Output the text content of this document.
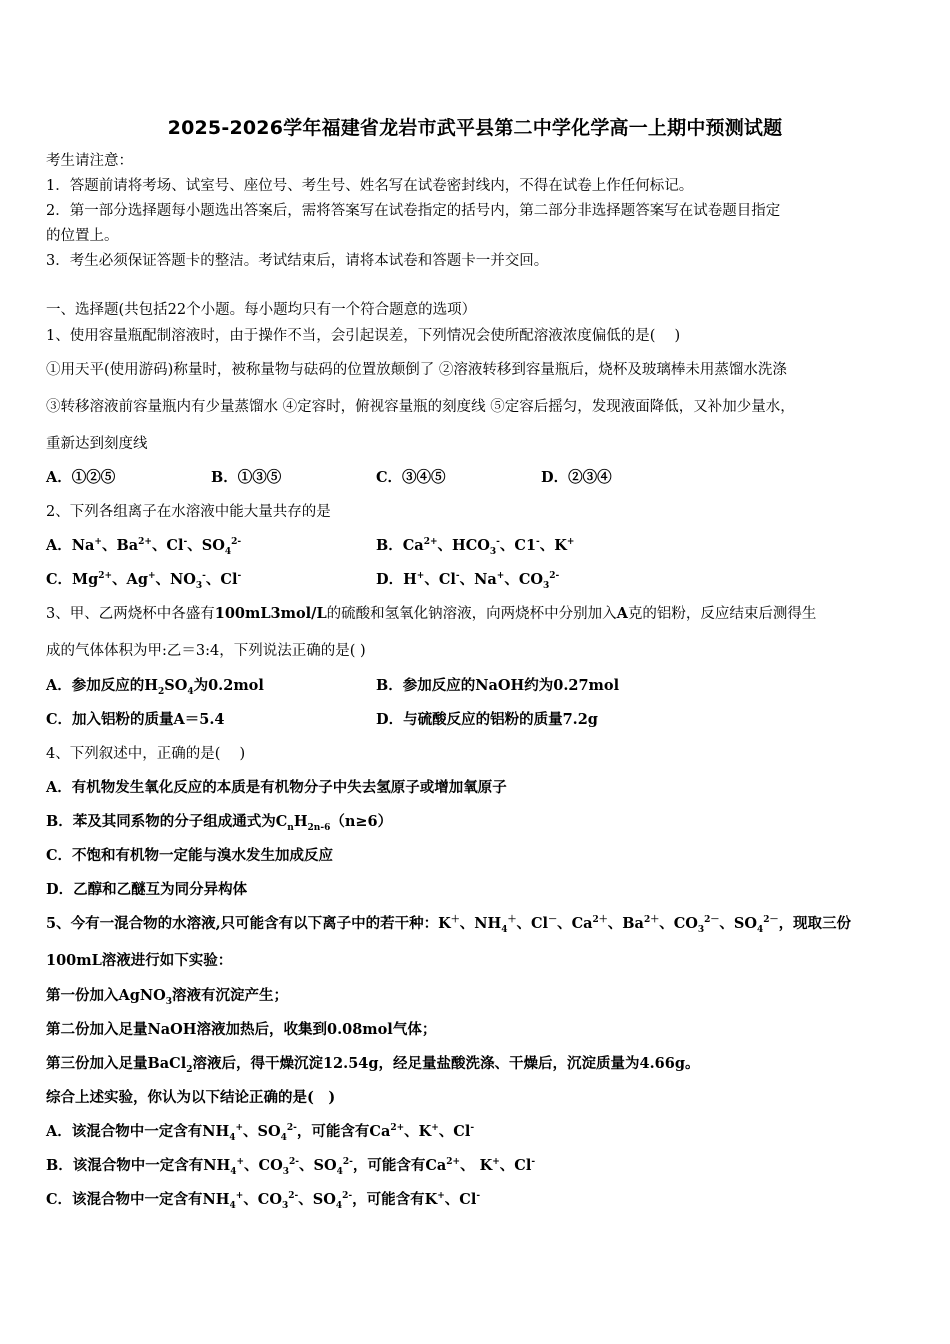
2025-2026学年福建省龙岩市武平县第二中学化学高一上期中预测试题
考生请注意：
1．答题前请将考场、试室号、座位号、考生号、姓名写在试卷密封线内，不得在试卷上作任何标记。
2．第一部分选择题每小题选出答案后，需将答案写在试卷指定的括号内，第二部分非选择题答案写在试卷题目指定
的位置上。
3．考生必须保证答题卡的整洁。考试结束后，请将本试卷和答题卡一并交回。
一、选择题(共包括22个小题。每小题均只有一个符合题意的选项）
1、使用容量瓶配制溶液时，由于操作不当，会引起误差，下列情况会使所配溶液浓度偏低的是(　 )
①用天平(使用游码)称量时，被称量物与砝码的位置放颠倒了 ②溶液转移到容量瓶后，烧杯及玻璃棒未用蒸馏水洗涤
③转移溶液前容量瓶内有少量蒸馏水 ④定容时，俯视容量瓶的刻度线 ⑤定容后摇匀，发现液面降低，又补加少量水，
重新达到刻度线
A．①②⑤	B．①③⑤	C．③④⑤	D．②③④
2、下列各组离子在水溶液中能大量共存的是
A．Na+、$Ba^{2+}$、Cl-、$SO_4^{2-}$	B．$Ca^{2+}$、$HCO_3^-$、C1-、K+
C．$Mg^{2+}$、Ag+、$NO_3^-$、Cl-	D．H+、Cl-、Na+、$CO_3^{2-}$
3、甲、乙两烧杯中各盛有100mL3mol/L的硫酸和氢氧化钠溶液，向两烧杯中分别加入A克的铝粉，反应结束后测得生
成的气体体积为甲:乙＝3:4，下列说法正确的是( )
A．参加反应的$H_2SO_4$为0.2mol	B．参加反应的NaOH约为0.27mol
C．加入铝粉的质量A＝5.4	D．与硫酸反应的铝粉的质量7.2g
4、下列叙述中，正确的是(　 )
A．有机物发生氧化反应的本质是有机物分子中失去氢原子或增加氧原子
B．苯及其同系物的分子组成通式为$C_nH_{2n-6}(n\ge 6)$
C．不饱和有机物一定能与溴水发生加成反应
D．乙醇和乙醚互为同分异构体
5、今有一混合物的水溶液,只可能含有以下离子中的若干种：K＋、$NH_4^+$、Cl－、$Ca^{2+}$、$Ba^{2+}$、$CO_3^{2-}$、$SO_4^{2-}$，现取三份
100mL溶液进行如下实验：
第一份加入AgNO$_3$溶液有沉淀产生；
第二份加入足量NaOH溶液加热后，收集到0.08mol气体；
第三份加入足量BaCl$_2$溶液后，得干燥沉淀12.54g，经足量盐酸洗涤、干燥后，沉淀质量为4.66g。
综合上述实验，你认为以下结论正确的是(　)
A．该混合物中一定含有$NH_4^+$、$SO_4^{2-}$，可能含有$Ca^{2+}$、K+、Cl-
B．该混合物中一定含有$NH_4^+$、$CO_3^{2-}$、$SO_4^{2-}$，可能含有$Ca^{2+}$、 K+、Cl-
C．该混合物中一定含有$NH_4^+$、$CO_3^{2-}$、$SO_4^{2-}$，可能含有K+、Cl-
